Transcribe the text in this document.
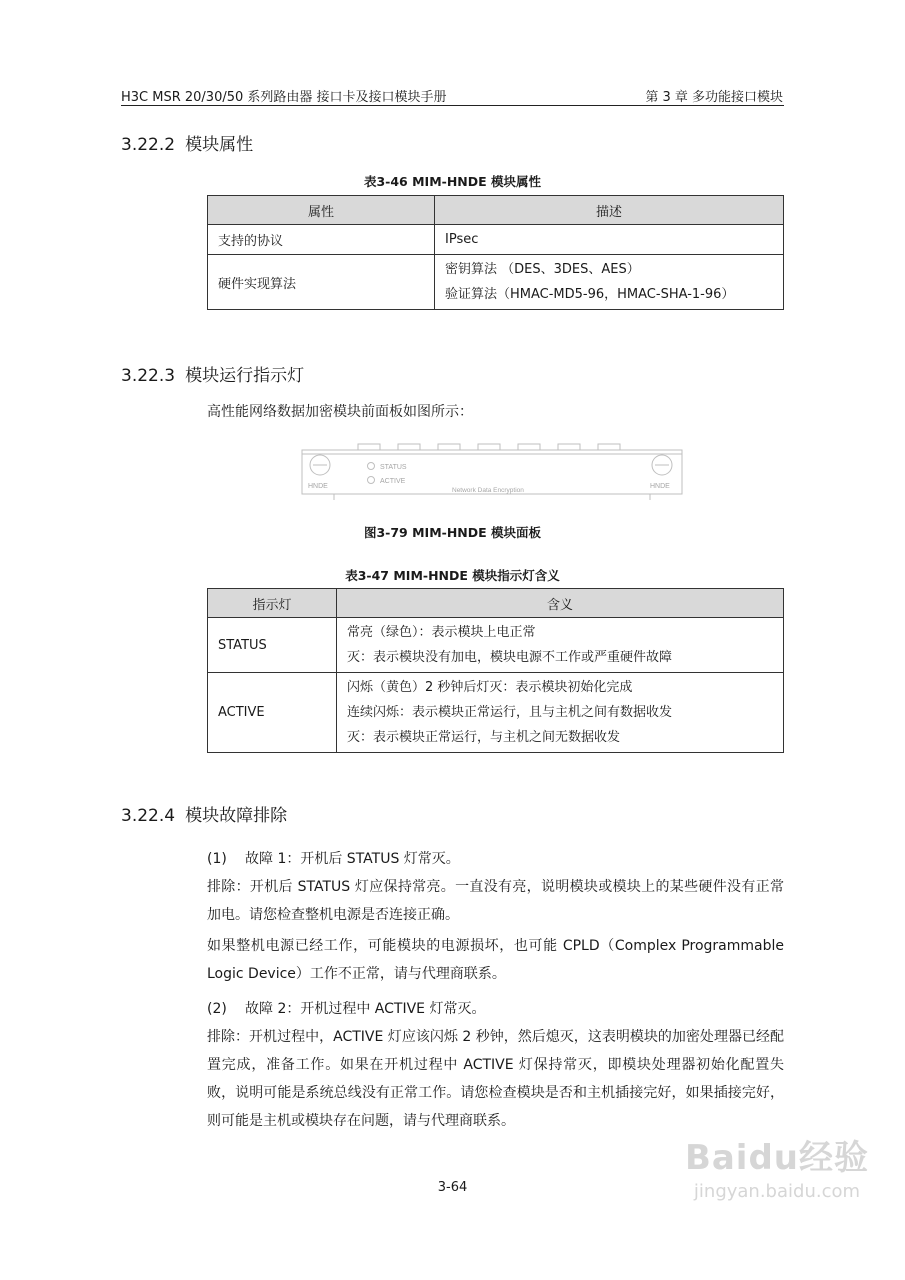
H3C MSR 20/30/50 系列路由器 接口卡及接口模块手册	第 3 章 多功能接口模块
3.22.2 模块属性
表3-46 MIM-HNDE 模块属性
属性	描述
支持的协议	IPsec
硬件实现算法	密钥算法 （DES、3DES、AES）
验证算法（HMAC-MD5-96，HMAC-SHA-1-96）
3.22.3 模块运行指示灯
高性能网络数据加密模块前面板如图所示：
HNDE	HNDE
STATUS
ACTIVE
Network Data Encryption
图3-79 MIM-HNDE 模块面板
表3-47 MIM-HNDE 模块指示灯含义
指示灯	含义
STATUS	常亮（绿色）：表示模块上电正常
灭：表示模块没有加电，模块电源不工作或严重硬件故障

ACTIVE	闪烁（黄色）2 秒钟后灯灭：表示模块初始化完成
连续闪烁：表示模块正常运行，且与主机之间有数据收发
灭：表示模块正常运行，与主机之间无数据收发
3.22.4 模块故障排除
(1) 故障 1：开机后 STATUS 灯常灭。

排除：开机后 STATUS 灯应保持常亮。一直没有亮，说明模块或模块上的某些硬件没有正常加电。请您检查整机电源是否连接正确。

如果整机电源已经工作，可能模块的电源损坏，也可能 CPLD（Complex Programmable Logic Device）工作不正常，请与代理商联系。

(2) 故障 2：开机过程中 ACTIVE 灯常灭。

排除：开机过程中，ACTIVE 灯应该闪烁 2 秒钟，然后熄灭，这表明模块的加密处理器已经配置完成，准备工作。如果在开机过程中 ACTIVE 灯保持常灭，即模块处理器初始化配置失败，说明可能是系统总线没有正常工作。请您检查模块是否和主机插接完好，如果插接完好，则可能是主机或模块存在问题，请与代理商联系。

3-64
Baidu经验
jingyan.baidu.com
